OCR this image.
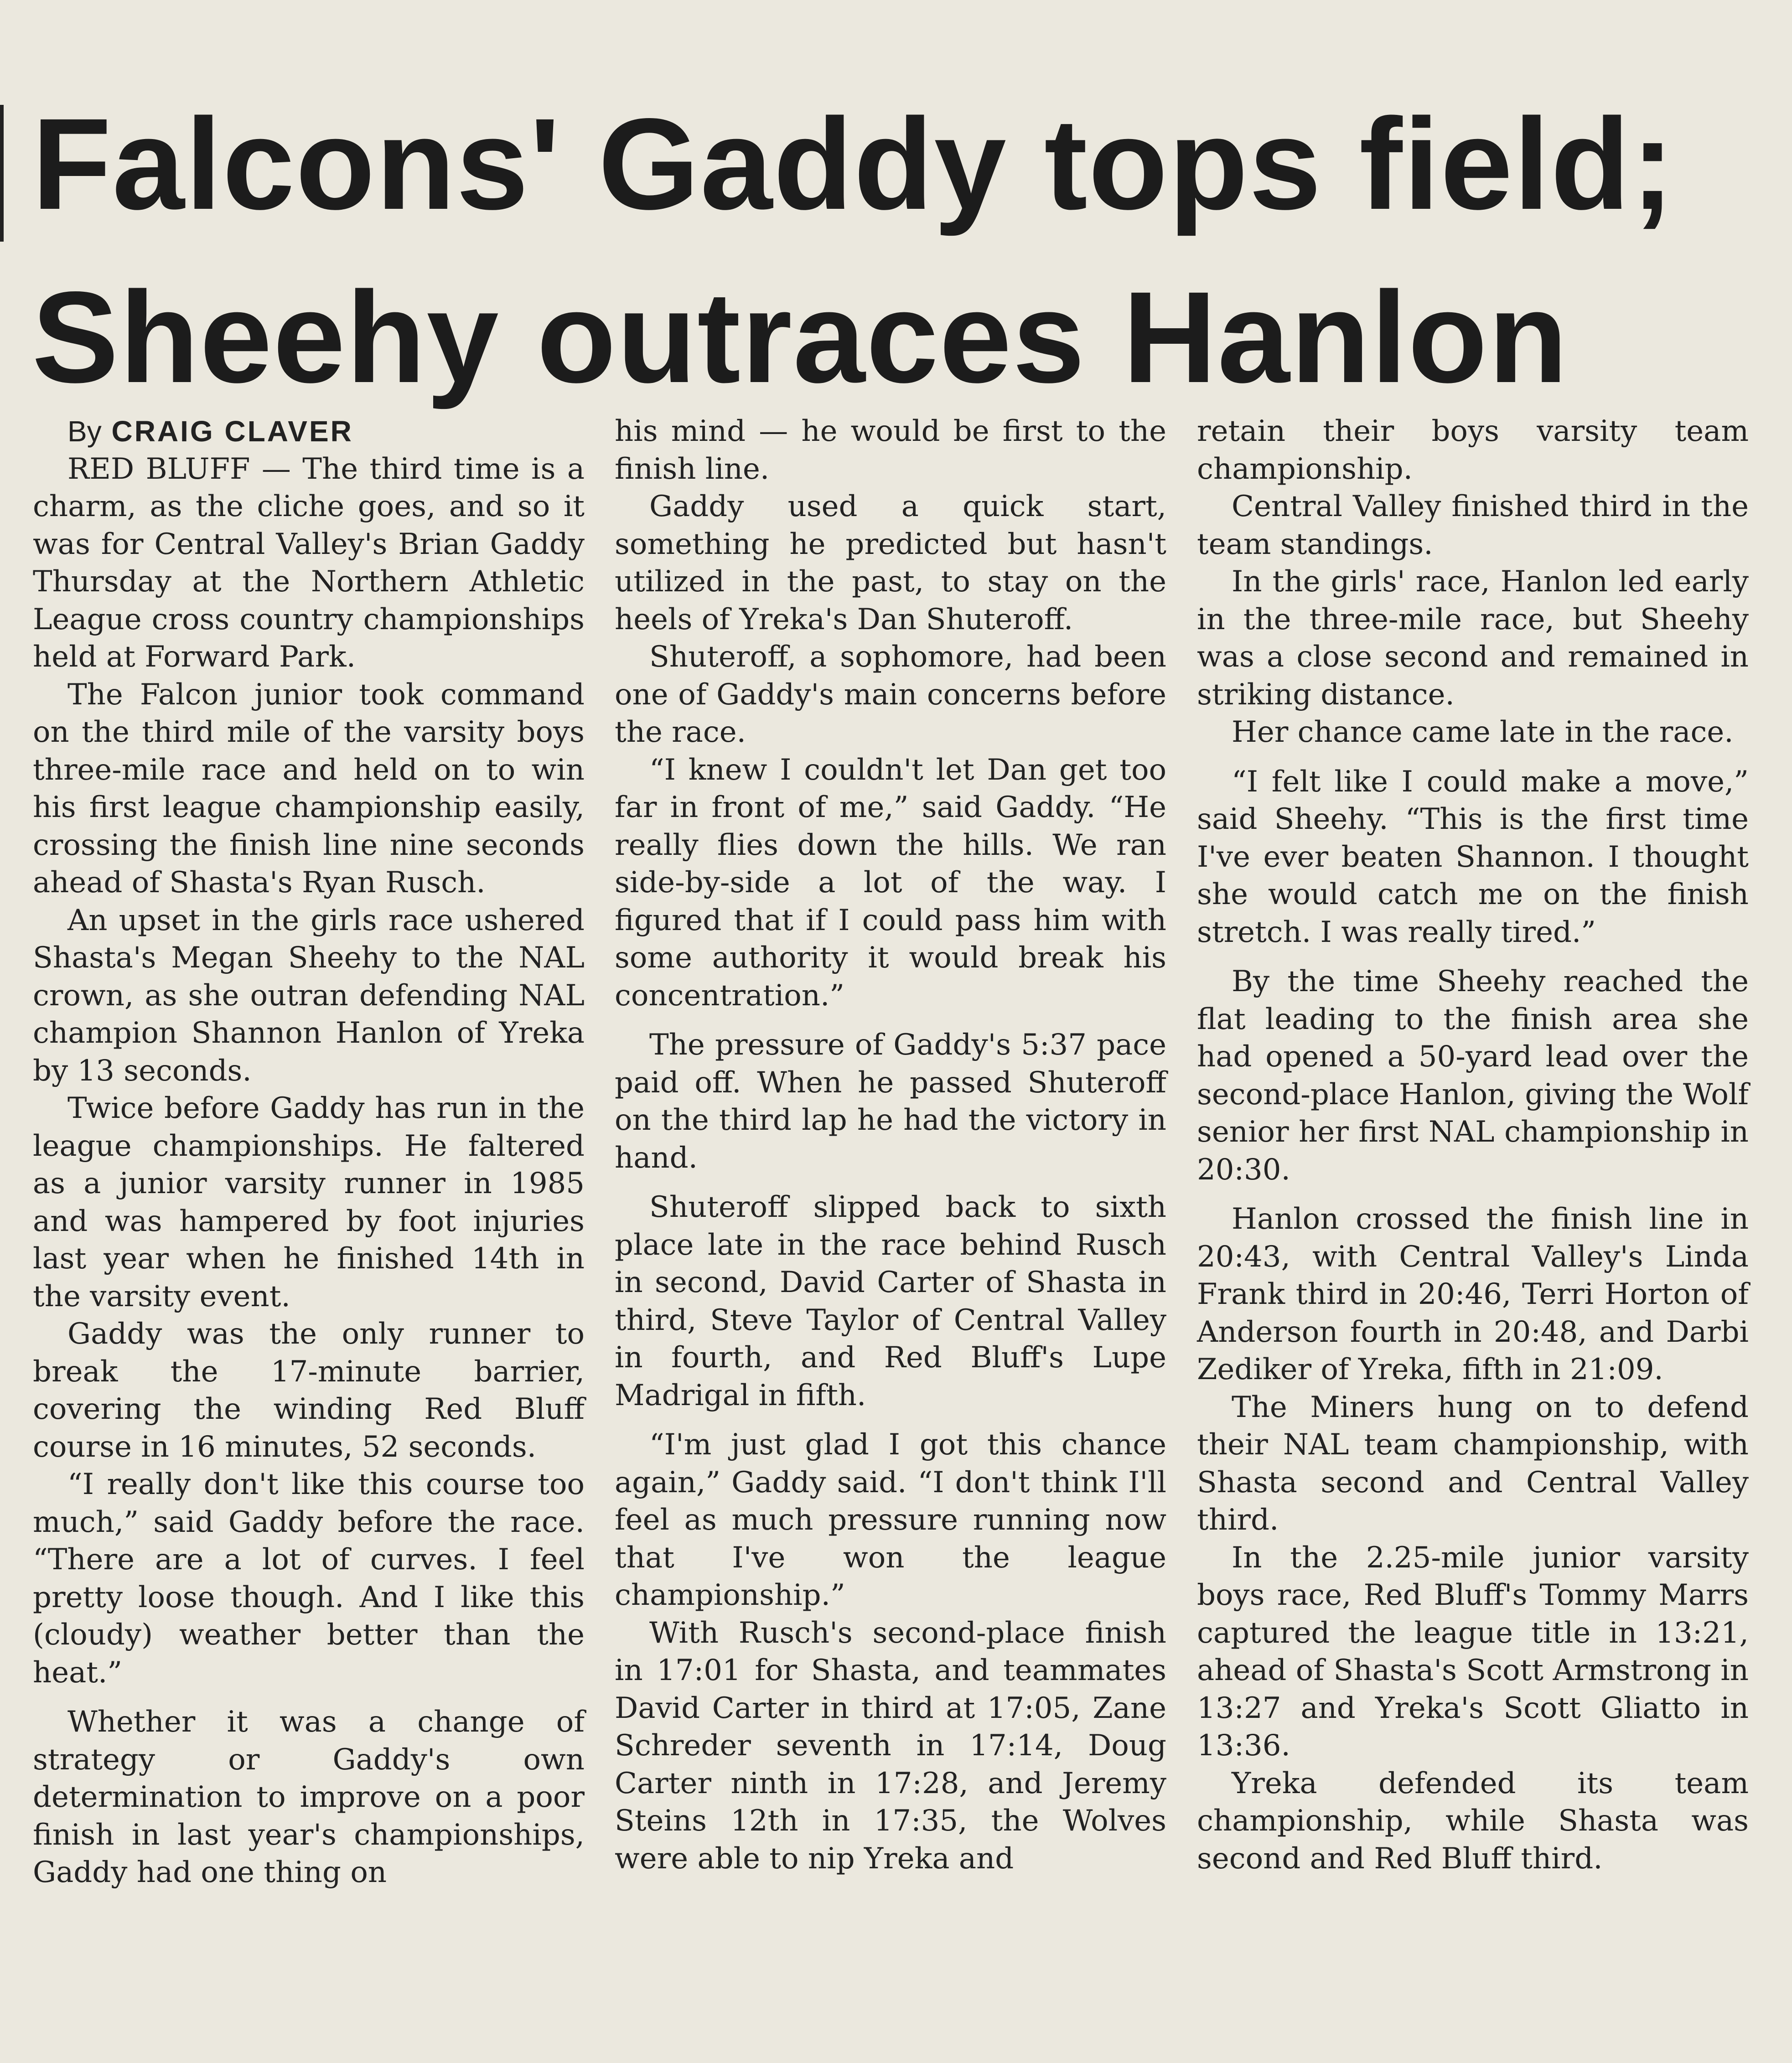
Falcons' Gaddy tops field;
Sheehy outraces Hanlon

By CRAIG CLAVER

RED BLUFF — The third time is a charm, as the cliche goes, and so it was for Central Valley's Brian Gaddy Thursday at the Northern Athletic League cross country championships held at Forward Park.

The Falcon junior took command on the third mile of the varsity boys three-mile race and held on to win his first league championship easily, crossing the finish line nine seconds ahead of Shasta's Ryan Rusch.

An upset in the girls race ushered Shasta's Megan Sheehy to the NAL crown, as she outran defending NAL champion Shannon Hanlon of Yreka by 13 seconds.

Twice before Gaddy has run in the league championships. He faltered as a junior varsity runner in 1985 and was hampered by foot injuries last year when he finished 14th in the varsity event.

Gaddy was the only runner to break the 17-minute barrier, covering the winding Red Bluff course in 16 minutes, 52 seconds.

“I really don't like this course too much,” said Gaddy before the race. “There are a lot of curves. I feel pretty loose though. And I like this (cloudy) weather better than the heat.”

Whether it was a change of strategy or Gaddy's own determination to improve on a poor finish in last year's championships, Gaddy had one thing on

his mind — he would be first to the finish line.

Gaddy used a quick start, something he predicted but hasn't utilized in the past, to stay on the heels of Yreka's Dan Shuteroff.

Shuteroff, a sophomore, had been one of Gaddy's main concerns before the race.

“I knew I couldn't let Dan get too far in front of me,” said Gaddy. “He really flies down the hills. We ran side-by-side a lot of the way. I figured that if I could pass him with some authority it would break his concentration.”

The pressure of Gaddy's 5:37 pace paid off. When he passed Shuteroff on the third lap he had the victory in hand.

Shuteroff slipped back to sixth place late in the race behind Rusch in second, David Carter of Shasta in third, Steve Taylor of Central Valley in fourth, and Red Bluff's Lupe Madrigal in fifth.

“I'm just glad I got this chance again,” Gaddy said. “I don't think I'll feel as much pressure running now that I've won the league championship.”

With Rusch's second-place finish in 17:01 for Shasta, and teammates David Carter in third at 17:05, Zane Schreder seventh in 17:14, Doug Carter ninth in 17:28, and Jeremy Steins 12th in 17:35, the Wolves were able to nip Yreka and

retain their boys varsity team championship.

Central Valley finished third in the team standings.

In the girls' race, Hanlon led early in the three-mile race, but Sheehy was a close second and remained in striking distance.

Her chance came late in the race.

“I felt like I could make a move,” said Sheehy. “This is the first time I've ever beaten Shannon. I thought she would catch me on the finish stretch. I was really tired.”

By the time Sheehy reached the flat leading to the finish area she had opened a 50-yard lead over the second-place Hanlon, giving the Wolf senior her first NAL championship in 20:30.

Hanlon crossed the finish line in 20:43, with Central Valley's Linda Frank third in 20:46, Terri Horton of Anderson fourth in 20:48, and Darbi Zediker of Yreka, fifth in 21:09.

The Miners hung on to defend their NAL team championship, with Shasta second and Central Valley third.

In the 2.25-mile junior varsity boys race, Red Bluff's Tommy Marrs captured the league title in 13:21, ahead of Shasta's Scott Armstrong in 13:27 and Yreka's Scott Gliatto in 13:36.

Yreka defended its team championship, while Shasta was second and Red Bluff third.
